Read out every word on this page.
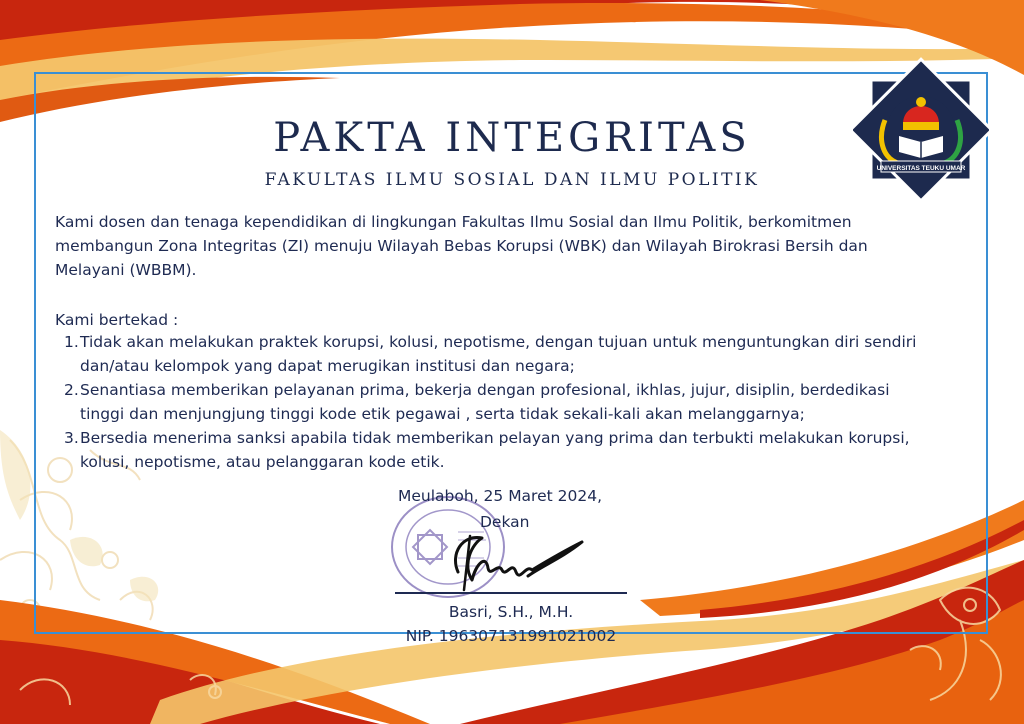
PAKTA INTEGRITAS
FAKULTAS ILMU SOSIAL DAN ILMU POLITIK
UNIVERSITAS TEUKU UMAR
Kami dosen dan tenaga kependidikan di lingkungan Fakultas Ilmu Sosial dan Ilmu Politik, berkomitmen
membangun Zona Integritas (ZI) menuju Wilayah Bebas Korupsi (WBK) dan Wilayah Birokrasi Bersih dan
Melayani (WBBM).
Kami bertekad :
1. Tidak akan melakukan praktek korupsi, kolusi, nepotisme, dengan tujuan untuk menguntungkan diri sendiri
dan/atau kelompok yang dapat merugikan institusi dan negara;
2. Senantiasa memberikan pelayanan prima, bekerja dengan profesional, ikhlas, jujur, disiplin, berdedikasi
tinggi dan menjungjung tinggi kode etik pegawai , serta tidak sekali-kali akan melanggarnya;
3. Bersedia menerima sanksi apabila tidak memberikan pelayan yang prima dan terbukti melakukan korupsi,
kolusi, nepotisme, atau pelanggaran kode etik.
Meulaboh, 25 Maret 2024,
Dekan
Basri, S.H., M.H.
NIP. 196307131991021002
